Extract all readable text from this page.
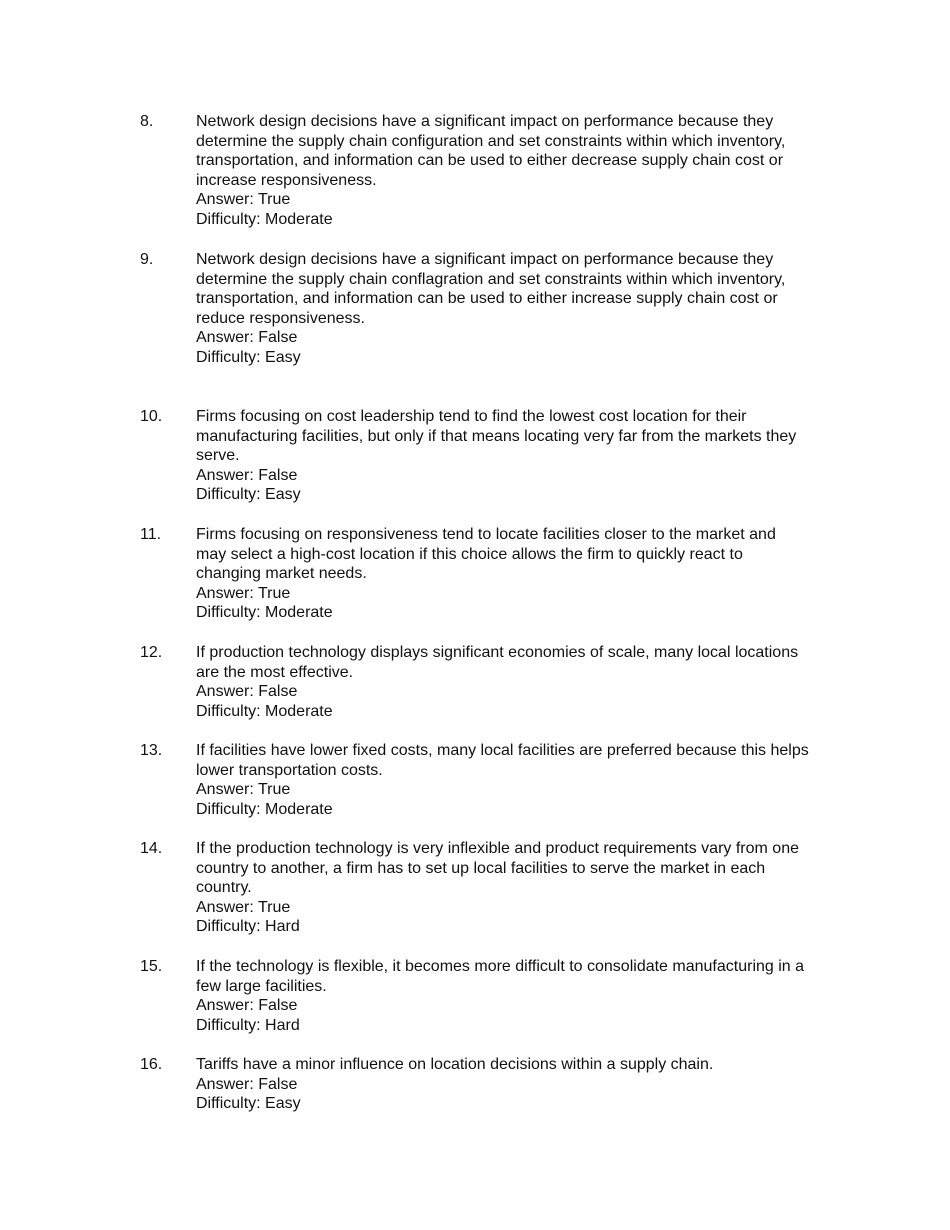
8.	Network design decisions have a significant impact on performance because they determine the supply chain configuration and set constraints within which inventory, transportation, and information can be used to either decrease supply chain cost or increase responsiveness.
Answer: True
Difficulty: Moderate
9.	Network design decisions have a significant impact on performance because they determine the supply chain conflagration and set constraints within which inventory, transportation, and information can be used to either increase supply chain cost or reduce responsiveness.
Answer: False
Difficulty: Easy
10.	Firms focusing on cost leadership tend to find the lowest cost location for their manufacturing facilities, but only if that means locating very far from the markets they serve.
Answer: False
Difficulty: Easy
11.	Firms focusing on responsiveness tend to locate facilities closer to the market and may select a high-cost location if this choice allows the firm to quickly react to changing market needs.
Answer: True
Difficulty: Moderate
12.	If production technology displays significant economies of scale, many local locations are the most effective.
Answer: False
Difficulty: Moderate
13.	If facilities have lower fixed costs, many local facilities are preferred because this helps lower transportation costs.
Answer: True
Difficulty: Moderate
14.	If the production technology is very inflexible and product requirements vary from one country to another, a firm has to set up local facilities to serve the market in each country.
Answer: True
Difficulty: Hard
15.	If the technology is flexible, it becomes more difficult to consolidate manufacturing in a few large facilities.
Answer: False
Difficulty: Hard
16.	Tariffs have a minor influence on location decisions within a supply chain.
Answer: False
Difficulty: Easy
